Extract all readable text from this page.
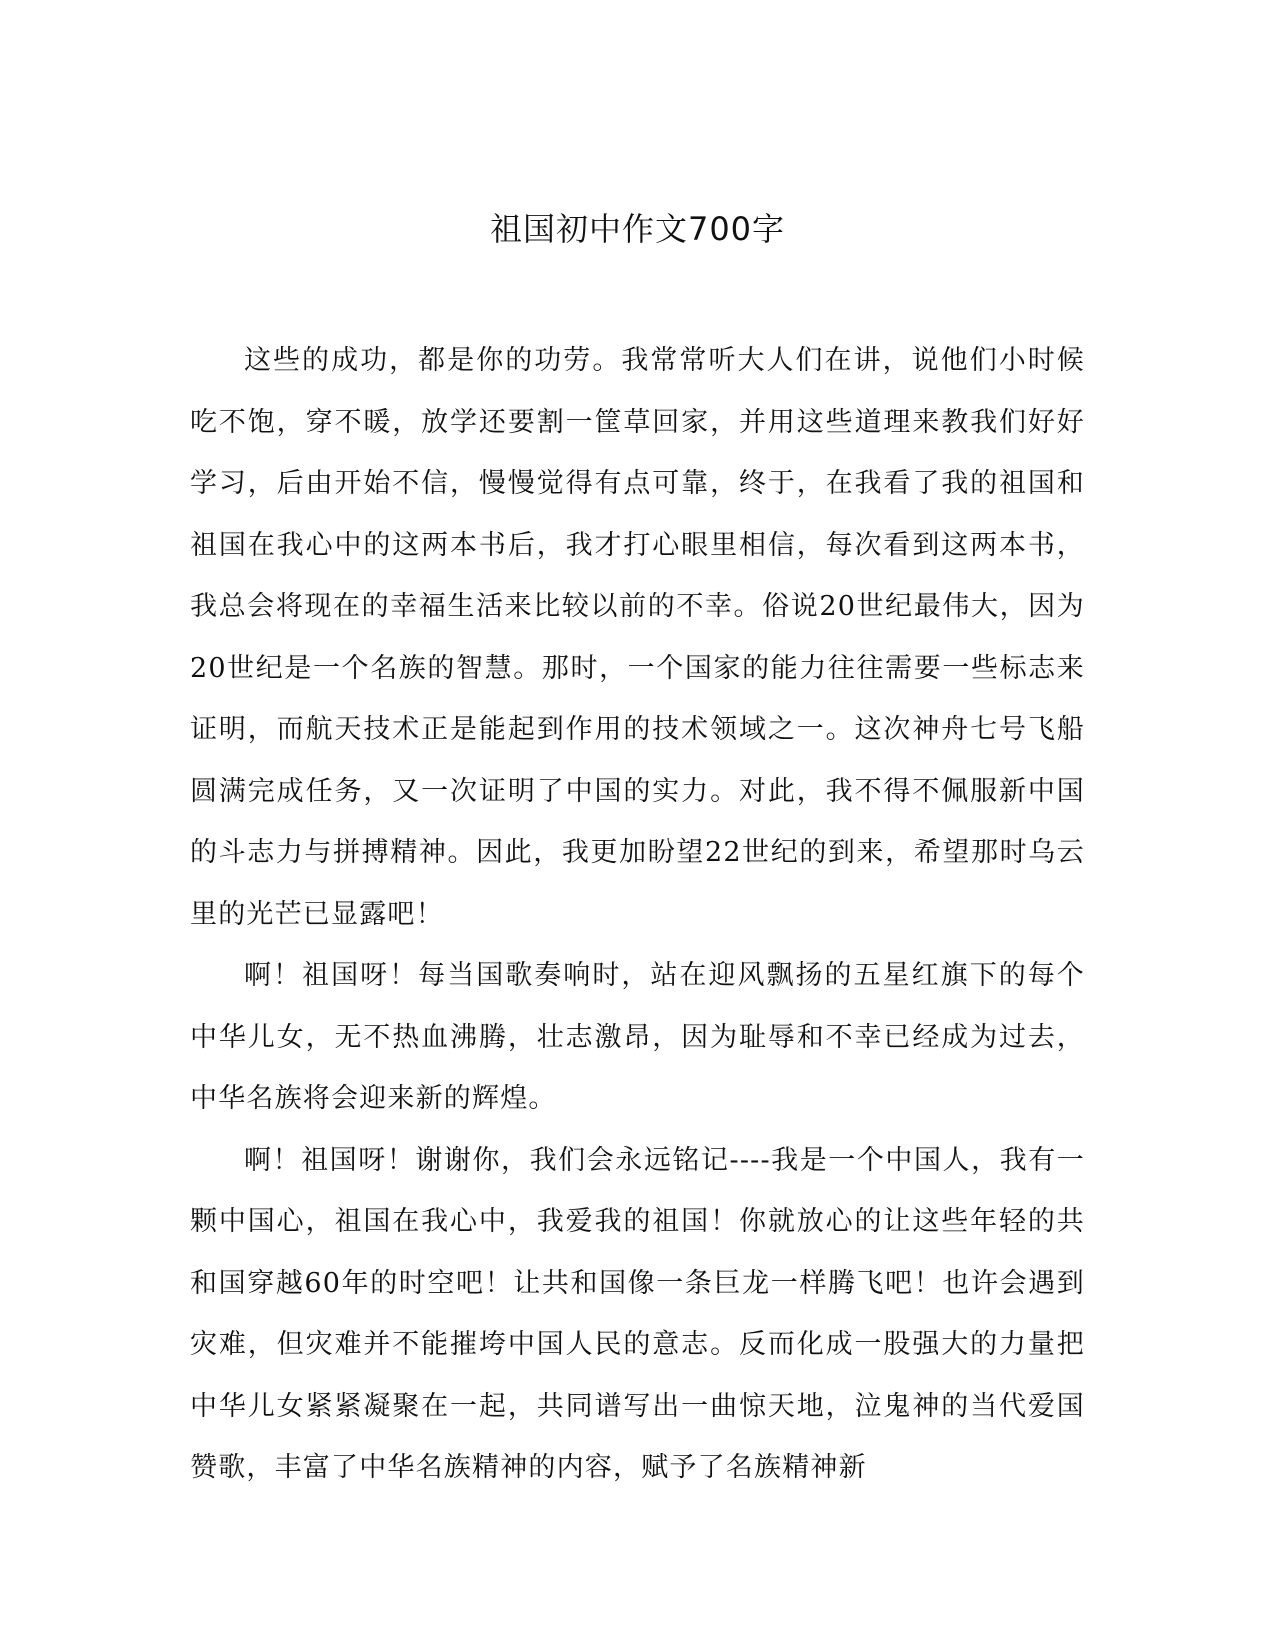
祖国初中作文700字

这些的成功，都是你的功劳。我常常听大人们在讲，说他们小时候吃不饱，穿不暖，放学还要割一筐草回家，并用这些道理来教我们好好学习，后由开始不信，慢慢觉得有点可靠，终于，在我看了我的祖国和祖国在我心中的这两本书后，我才打心眼里相信，每次看到这两本书，我总会将现在的幸福生活来比较以前的不幸。俗说20世纪最伟大，因为20世纪是一个名族的智慧。那时，一个国家的能力往往需要一些标志来证明，而航天技术正是能起到作用的技术领域之一。这次神舟七号飞船圆满完成任务，又一次证明了中国的实力。对此，我不得不佩服新中国的斗志力与拼搏精神。因此，我更加盼望22世纪的到来，希望那时乌云里的光芒已显露吧！

啊！祖国呀！每当国歌奏响时，站在迎风飘扬的五星红旗下的每个中华儿女，无不热血沸腾，壮志激昂，因为耻辱和不幸已经成为过去，中华名族将会迎来新的辉煌。

啊！祖国呀！谢谢你，我们会永远铭记----我是一个中国人，我有一颗中国心，祖国在我心中，我爱我的祖国！你就放心的让这些年轻的共和国穿越60年的时空吧！让共和国像一条巨龙一样腾飞吧！也许会遇到灾难，但灾难并不能摧垮中国人民的意志。反而化成一股强大的力量把中华儿女紧紧凝聚在一起，共同谱写出一曲惊天地，泣鬼神的当代爱国赞歌，丰富了中华名族精神的内容，赋予了名族精神新
